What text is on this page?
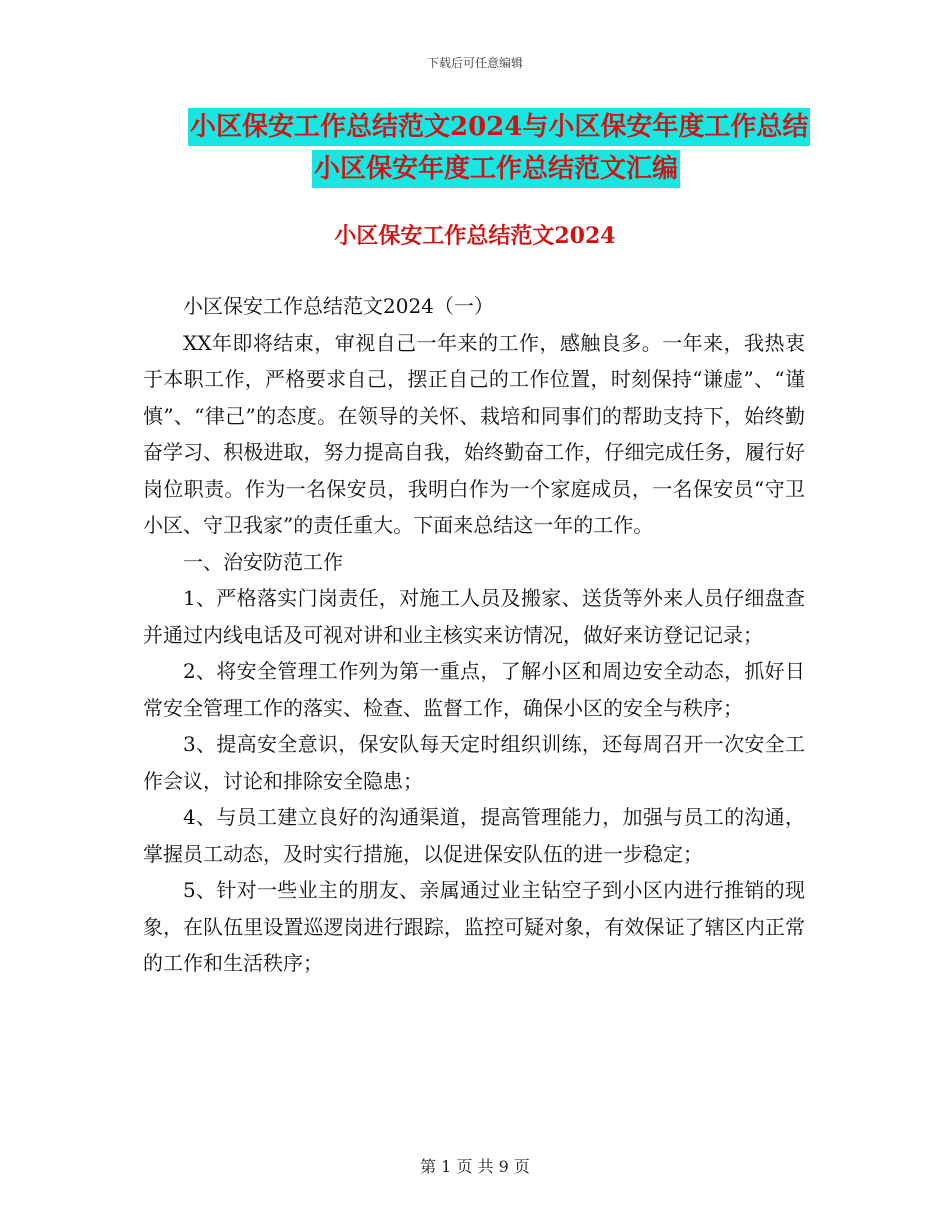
下载后可任意编辑
小区保安工作总结范文2024与小区保安年度工作总结
小区保安年度工作总结范文汇编
小区保安工作总结范文2024

小区保安工作总结范文2024（一）

XX年即将结束，审视自己一年来的工作，感触良多。一年来，我热衷于本职工作，严格要求自己，摆正自己的工作位置，时刻保持“谦虚”、“谨慎”、“律己”的态度。在领导的关怀、栽培和同事们的帮助支持下，始终勤奋学习、积极进取，努力提高自我，始终勤奋工作，仔细完成任务，履行好岗位职责。作为一名保安员，我明白作为一个家庭成员，一名保安员“守卫小区、守卫我家”的责任重大。下面来总结这一年的工作。

一、治安防范工作

1、严格落实门岗责任，对施工人员及搬家、送货等外来人员仔细盘查并通过内线电话及可视对讲和业主核实来访情况，做好来访登记记录；

2、将安全管理工作列为第一重点，了解小区和周边安全动态，抓好日常安全管理工作的落实、检查、监督工作，确保小区的安全与秩序；

3、提高安全意识，保安队每天定时组织训练，还每周召开一次安全工作会议，讨论和排除安全隐患；

4、与员工建立良好的沟通渠道，提高管理能力，加强与员工的沟通，掌握员工动态，及时实行措施，以促进保安队伍的进一步稳定；

5、针对一些业主的朋友、亲属通过业主钻空子到小区内进行推销的现象，在队伍里设置巡逻岗进行跟踪，监控可疑对象，有效保证了辖区内正常的工作和生活秩序；

第 1 页 共 9 页
